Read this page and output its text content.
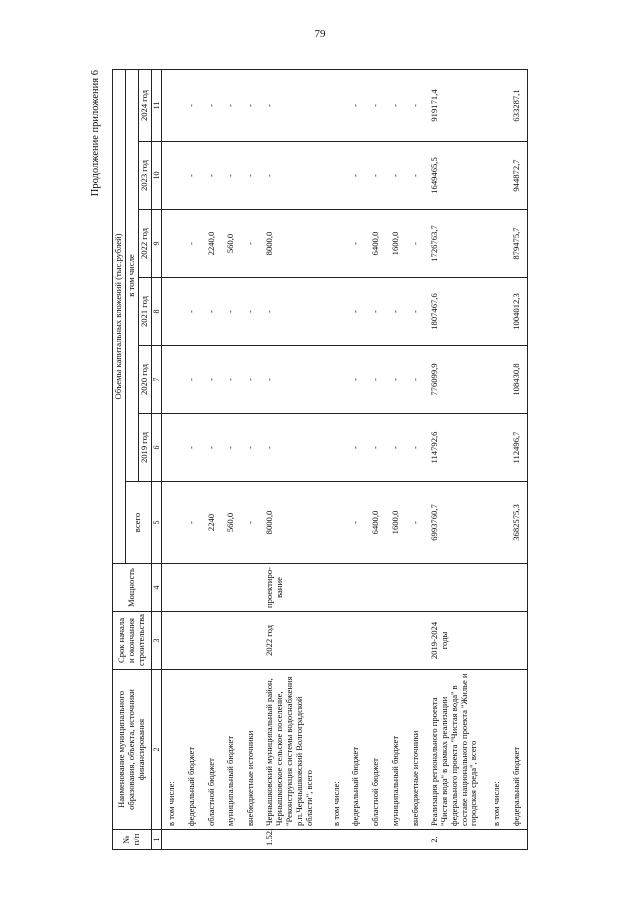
79
Продолжение приложения 6
№ п/п	Наименование муниципального образования, объекта, источники финансирования	Срок начала и окончания строительства	Мощность	Объемы капитальных вложений (тыс.рублей)						
				всего	в том числе					
					2019 год	2020 год	2021 год	2022 год	2023 год	2024 год
1	2	3	4	5	6	7	8	9	10	11
	в том числе:									
	федеральный бюджет			-	-	-	-	-	-	-
	областной бюджет			2240	-	-	-	2240,0	-	-
	муниципальный бюджет			560,0	-	-	-	560,0	-	-
	внебюджетные источники			-	-	-	-	-	-	-
1.52.	Чернышковский муниципальный район, Чернышковское сельское поселение, "Реконструкция системы водоснабжения р.п.Чернышковский Волгоградской области", всего	2022 год	проектиро-вание	8000,0	-	-	-	8000,0	-	-
	в том числе:									
	федеральный бюджет			-	-	-	-	-	-	-
	областной бюджет			6400,0	-	-	-	6400,0	-	-
	муниципальный бюджет			1600,0	-	-	-	1600,0	-	-
	внебюджетные источники			-	-	-	-	-	-	-
2.	Реализация регионального проекта "Чистая вода" в рамках реализации федерального проекта "Чистая вода" в составе национального проекта "Жилье и городская среда", всего	2019-2024 годы		6993760,7	114792,6	776099,9	1807467,6	1726763,7	1649465,5	919171,4
	в том числе:									
	федеральный бюджет			3682575,3	112496,7	108430,8	1004012,3	879475,7	944872,7	633287,1
